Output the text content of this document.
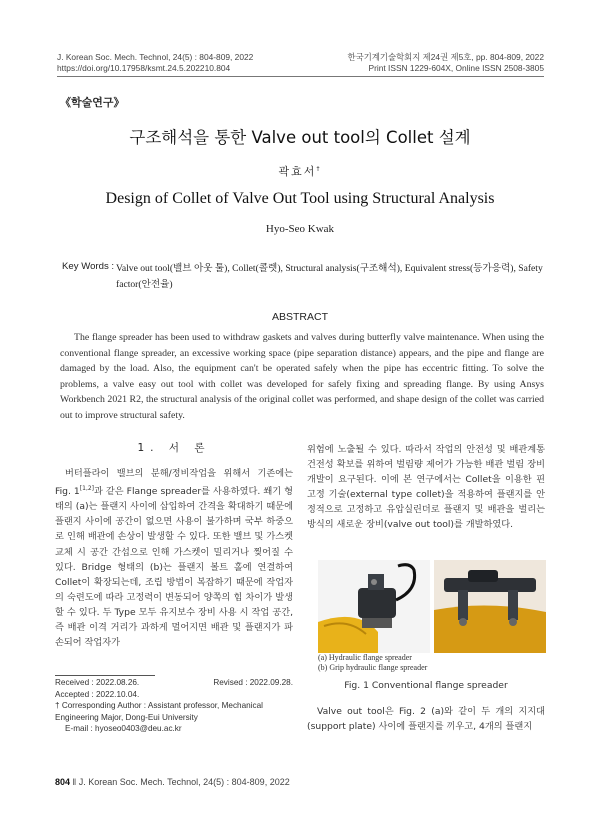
J. Korean Soc. Mech. Technol, 24(5) : 804-809, 2022
https://doi.org/10.17958/ksmt.24.5.202210.804
한국기계기술학회지 제24권 제5호, pp. 804-809, 2022
Print ISSN 1229-604X, Online ISSN 2508-3805
《학술연구》
구조해석을 통한 Valve out tool의 Collet 설계
곽효서†
Design of Collet of Valve Out Tool using Structural Analysis
Hyo-Seo Kwak
Key Words : Valve out tool(밸브 아웃 툴), Collet(콜렛), Structural analysis(구조해석), Equivalent stress(등가응력), Safety factor(안전율)
ABSTRACT
The flange spreader has been used to withdraw gaskets and valves during butterfly valve maintenance. When using the conventional flange spreader, an excessive working space (pipe separation distance) appears, and the pipe and flange are damaged by the load. Also, the equipment can't be operated safely when the pipe has eccentric fitting. To solve the problems, a valve easy out tool with collet was developed for safely fixing and spreading flange. By using Ansys Workbench 2021 R2, the structural analysis of the original collet was performed, and shape design of the collet was carried out to improve structural safety.
1. 서 론

버터플라이 밸브의 분해/정비작업을 위해서 기존에는 Fig. 1[1,2]과 같은 Flange spreader를 사용하였다. 쐐기 형태의 (a)는 플랜지 사이에 삽입하여 간격을 확대하기 때문에 플랜지 사이에 공간이 없으면 사용이 불가하며 국부 하중으로 인해 배관에 손상이 발생할 수 있다. 또한 밸브 및 가스켓 교체 시 공간 간섭으로 인해 가스켓이 밀리거나 찢어질 수 있다. Bridge 형태의 (b)는 플랜지 볼트 홀에 연결하여 Collet이 확장되는데, 조립 방법이 복잡하기 때문에 작업자의 숙련도에 따라 고정력이 변동되어 양쪽의 힘 차이가 발생할 수 있다. 두 Type 모두 유지보수 장비 사용 시 작업 공간, 즉 배관 이격 거리가 과하게 멀어지면 배관 및 플랜지가 파손되어 작업자가

위험에 노출될 수 있다. 따라서 작업의 안전성 및 배관계통 건전성 확보를 위하여 벌림량 제어가 가능한 배관 벌림 장비개발이 요구된다. 이에 본 연구에서는 Collet을 이용한 핀 고정 기술(external type collet)을 적용하여 플랜지를 안정적으로 고정하고 유압실린더로 플랜지 및 배관을 벌리는 방식의 새로운 장비(valve out tool)를 개발하였다.

(a) Hydraulic flange spreader
(b) Grip hydraulic flange spreader
Fig. 1 Conventional flange spreader
Valve out tool은 Fig. 2 (a)와 같이 두 개의 지지대(support plate) 사이에 플랜지를 끼우고, 4개의 플랜지
Received : 2022.08.26.	Revised : 2022.09.28.
Accepted : 2022.10.04.
† Corresponding Author : Assistant professor, Mechanical Engineering Major, Dong-Eui University
E-mail : hyoseo0403@deu.ac.kr
804 ‖ J. Korean Soc. Mech. Technol, 24(5) : 804-809, 2022
